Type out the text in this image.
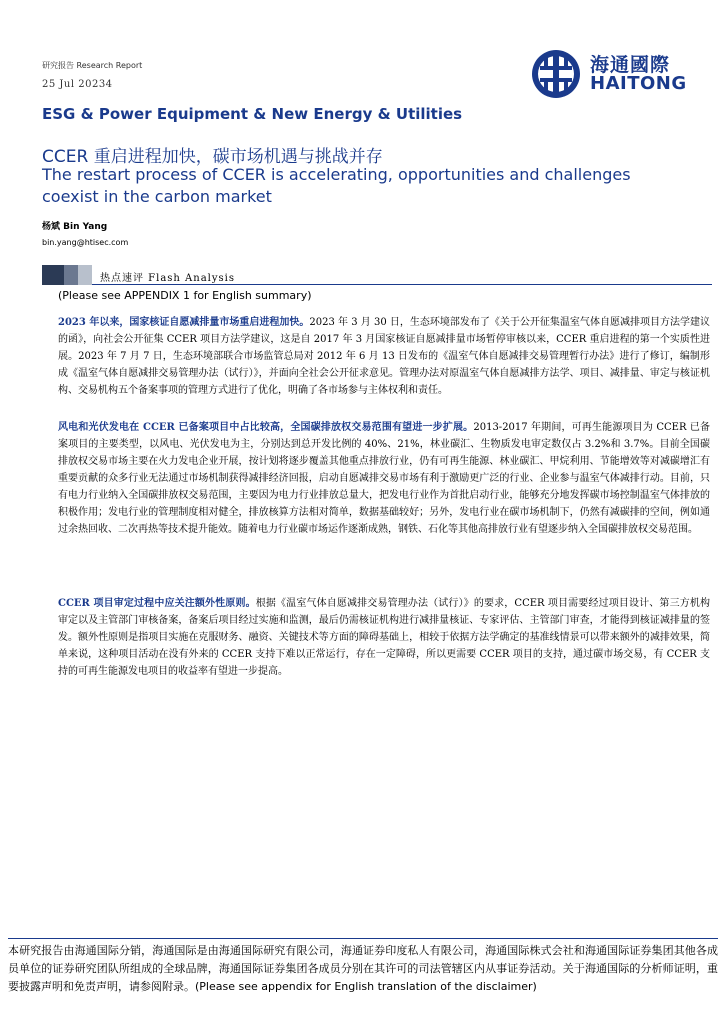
研究报告 Research Report
25 Jul 20234
海通國際
HAITONG
ESG & Power Equipment & New Energy & Utilities
CCER 重启进程加快，碳市场机遇与挑战并存
The restart process of CCER is accelerating, opportunities and challenges coexist in the carbon market
杨斌 Bin Yang
bin.yang@htisec.com
热点速评 Flash Analysis
(Please see APPENDIX 1 for English summary)
2023 年以来，国家核证自愿减排量市场重启进程加快。2023 年 3 月 30 日，生态环境部发布了《关于公开征集温室气体自愿减排项目方法学建议的函》，向社会公开征集 CCER 项目方法学建议，这是自 2017 年 3 月国家核证自愿减排量市场暂停审核以来，CCER 重启进程的第一个实质性进展。2023 年 7 月 7 日，生态环境部联合市场监管总局对 2012 年 6 月 13 日发布的《温室气体自愿减排交易管理暂行办法》进行了修订，编制形成《温室气体自愿减排交易管理办法（试行）》，并面向全社会公开征求意见。管理办法对原温室气体自愿减排方法学、项目、减排量、审定与核证机构、交易机构五个备案事项的管理方式进行了优化，明确了各市场参与主体权利和责任。
风电和光伏发电在 CCER 已备案项目中占比较高，全国碳排放权交易范围有望进一步扩展。2013-2017 年期间，可再生能源项目为 CCER 已备案项目的主要类型，以风电、光伏发电为主，分别达到总开发比例的 40%、21%，林业碳汇、生物质发电审定数仅占 3.2%和 3.7%。目前全国碳排放权交易市场主要在火力发电企业开展，按计划将逐步覆盖其他重点排放行业，仍有可再生能源、林业碳汇、甲烷利用、节能增效等对减碳增汇有重要贡献的众多行业无法通过市场机制获得减排经济回报，启动自愿减排交易市场有利于激励更广泛的行业、企业参与温室气体减排行动。目前，只有电力行业纳入全国碳排放权交易范围，主要因为电力行业排放总量大，把发电行业作为首批启动行业，能够充分地发挥碳市场控制温室气体排放的积极作用；发电行业的管理制度相对健全，排放核算方法相对简单，数据基础较好；另外，发电行业在碳市场机制下，仍然有减碳排的空间，例如通过余热回收、二次再热等技术提升能效。随着电力行业碳市场运作逐渐成熟，钢铁、石化等其他高排放行业有望逐步纳入全国碳排放权交易范围。
CCER 项目审定过程中应关注额外性原则。根据《温室气体自愿减排交易管理办法（试行）》的要求，CCER 项目需要经过项目设计、第三方机构审定以及主管部门审核备案，备案后项目经过实施和监测，最后仍需核证机构进行减排量核证、专家评估、主管部门审查，才能得到核证减排量的签发。额外性原则是指项目实施在克服财务、融资、关键技术等方面的障碍基础上，相较于依据方法学确定的基准线情景可以带来额外的减排效果，简单来说，这种项目活动在没有外来的 CCER 支持下难以正常运行，存在一定障碍，所以更需要 CCER 项目的支持，通过碳市场交易，有 CCER 支持的可再生能源发电项目的收益率有望进一步提高。
本研究报告由海通国际分销，海通国际是由海通国际研究有限公司，海通证券印度私人有限公司，海通国际株式会社和海通国际证券集团其他各成员单位的证券研究团队所组成的全球品牌，海通国际证券集团各成员分别在其许可的司法管辖区内从事证券活动。关于海通国际的分析师证明，重要披露声明和免责声明，请参阅附录。(Please see appendix for English translation of the disclaimer)
